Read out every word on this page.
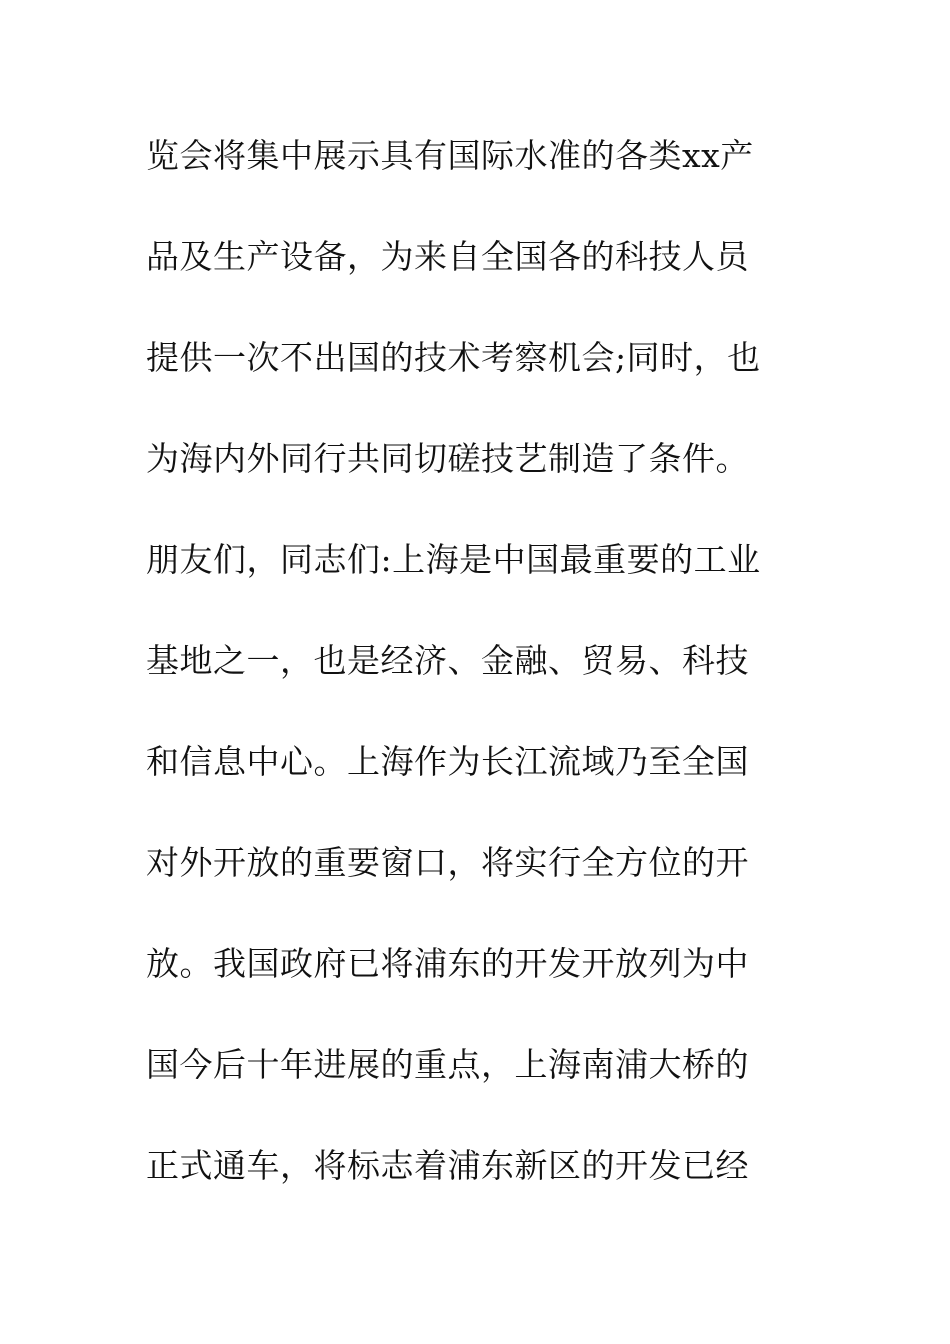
览会将集中展示具有国际水准的各类xx产
品及生产设备，为来自全国各的科技人员
提供一次不出国的技术考察机会;同时，也
为海内外同行共同切磋技艺制造了条件。
朋友们，同志们:上海是中国最重要的工业
基地之一，也是经济、金融、贸易、科技
和信息中心。上海作为长江流域乃至全国
对外开放的重要窗口，将实行全方位的开
放。我国政府已将浦东的开发开放列为中
国今后十年进展的重点，上海南浦大桥的
正式通车，将标志着浦东新区的开发已经
